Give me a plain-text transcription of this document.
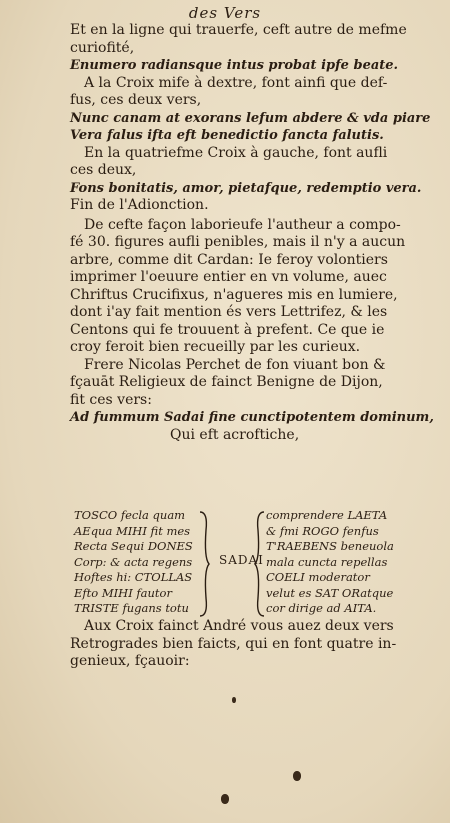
des Vers
Et en la ligne qui trauerfe, ceft autre de mefme
curiofité,
Enumero radiansque intus probat ipfe beate.
A la Croix mife à dextre, font ainfi que def-
fus, ces deux vers,
Nunc canam at exorans lefum abdere & vda piare
Vera falus ifta eft benedictio fancta falutis.
En la quatriefme Croix à gauche, font aufli
ces deux,
Fons bonitatis, amor, pietafque, redemptio vera.
Fin de l'Adionction.
De cefte façon laborieufe l'autheur a compo-
fé 30. figures aufli penibles, mais il n'y a aucun
arbre, comme dit Cardan: Ie feroy volontiers
imprimer l'oeuure entier en vn volume, auec
Chriftus Crucifixus, n'agueres mis en lumiere,
dont i'ay fait mention és vers Lettrifez, & les
Centons qui fe trouuent à prefent. Ce que ie
croy feroit bien recueilly par les curieux.
Frere Nicolas Perchet de fon viuant bon &
fçauāt Religieux de fainct Benigne de Dijon,
fit ces vers:
Ad fummum Sadai fine cunctipotentem dominum,
Qui eft acroftiche,
TOSCO fecla quam
AEqua MIHI fit mes
Recta Sequi DONES
Corp: & acta regens
Hoftes hi: CTOLLAS
Efto MIHI fautor
TRISTE fugans totu
SADAI
comprendere LAETA
& fmi ROGO fenfus
T'RAEBENS beneuola
mala cuncta repellas
COELI moderator
velut es SAT ORatque
cor dirige ad AITA.
Aux Croix fainct André vous auez deux vers
Retrogrades bien faicts, qui en font quatre in-
genieux, fçauoir:
